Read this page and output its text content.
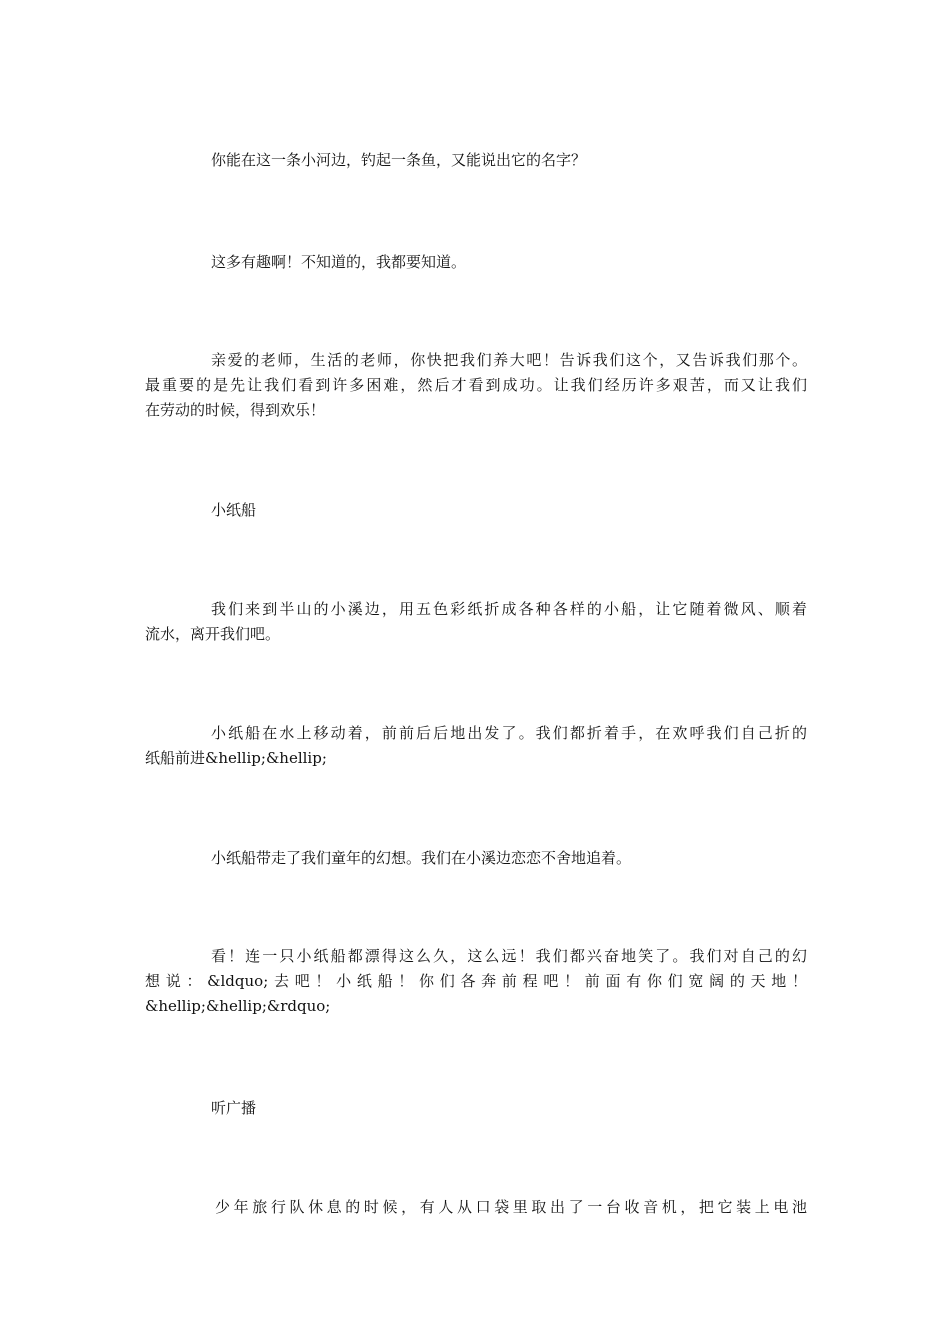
你能在这一条小河边，钓起一条鱼，又能说出它的名字？

这多有趣啊！不知道的，我都要知道。

亲爱的老师，生活的老师，你快把我们养大吧！告诉我们这个，又告诉我们那个。
最重要的是先让我们看到许多困难，然后才看到成功。让我们经历许多艰苦，而又让我们
在劳动的时候，得到欢乐！

小纸船

我们来到半山的小溪边，用五色彩纸折成各种各样的小船，让它随着微风、顺着
流水，离开我们吧。
小纸船在水上移动着，前前后后地出发了。我们都折着手，在欢呼我们自己折的
纸船前进&hellip;&hellip;

小纸船带走了我们童年的幻想。我们在小溪边恋恋不舍地追着。

看！连一只小纸船都漂得这么久，这么远！我们都兴奋地笑了。我们对自己的幻
想说：&ldquo;去吧！小纸船！你们各奔前程吧！前面有你们宽阔的天地！
&hellip;&hellip;&rdquo;

听广播

少年旅行队休息的时候，有人从口袋里取出了一台收音机，把它装上电池
